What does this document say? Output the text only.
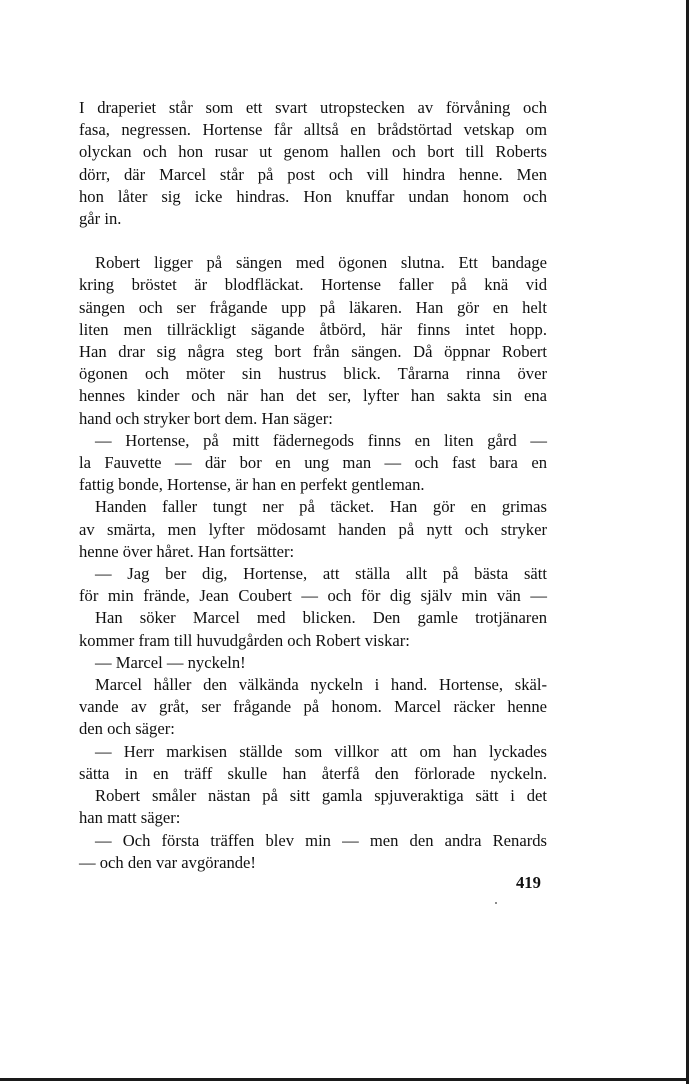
I draperiet står som ett svart utropstecken av förvåning och
fasa, negressen. Hortense får alltså en brådstörtad vetskap om
olyckan och hon rusar ut genom hallen och bort till Roberts
dörr, där Marcel står på post och vill hindra henne. Men
hon låter sig icke hindras. Hon knuffar undan honom och
går in.
Robert ligger på sängen med ögonen slutna. Ett bandage
kring bröstet är blodfläckat. Hortense faller på knä vid
sängen och ser frågande upp på läkaren. Han gör en helt
liten men tillräckligt sägande åtbörd, här finns intet hopp.
Han drar sig några steg bort från sängen. Då öppnar Robert
ögonen och möter sin hustrus blick. Tårarna rinna över
hennes kinder och när han det ser, lyfter han sakta sin ena
hand och stryker bort dem. Han säger:
— Hortense, på mitt fädernegods finns en liten gård —
la Fauvette — där bor en ung man — och fast bara en
fattig bonde, Hortense, är han en perfekt gentleman.
Handen faller tungt ner på täcket. Han gör en grimas
av smärta, men lyfter mödosamt handen på nytt och stryker
henne över håret. Han fortsätter:
— Jag ber dig, Hortense, att ställa allt på bästa sätt
för min frände, Jean Coubert — och för dig själv min vän —
Han söker Marcel med blicken. Den gamle trotjänaren
kommer fram till huvudgården och Robert viskar:
— Marcel — nyckeln!
Marcel håller den välkända nyckeln i hand. Hortense, skäl-
vande av gråt, ser frågande på honom. Marcel räcker henne
den och säger:
— Herr markisen ställde som villkor att om han lyckades
sätta in en träff skulle han återfå den förlorade nyckeln.
Robert småler nästan på sitt gamla spjuveraktiga sätt i det
han matt säger:
— Och första träffen blev min — men den andra Renards
— och den var avgörande!
419
